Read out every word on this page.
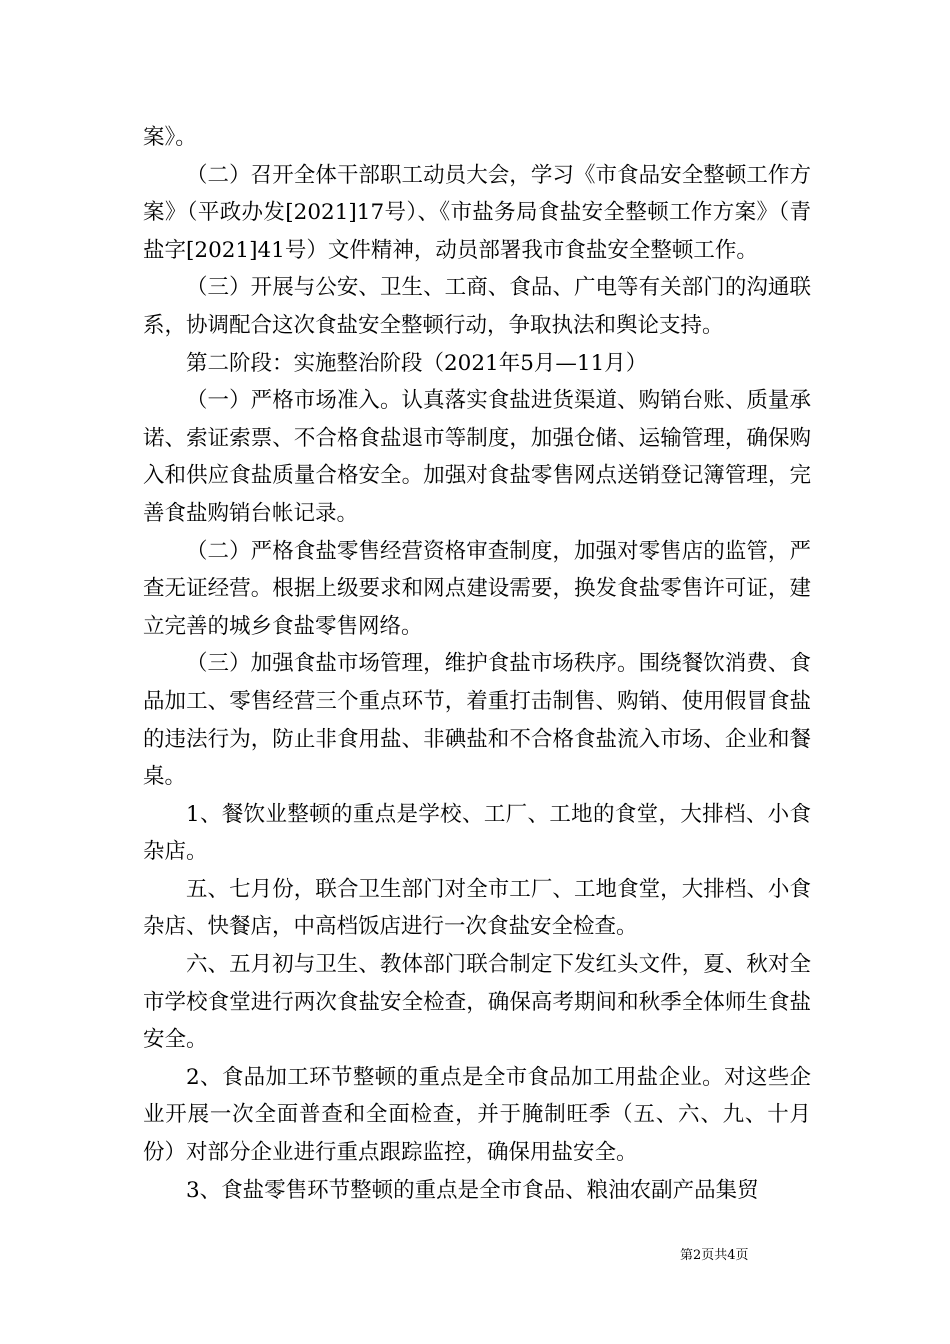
案》。

（二）召开全体干部职工动员大会，学习《市食品安全整顿工作方案》（平政办发[2021]17号）、《市盐务局食盐安全整顿工作方案》（青盐字[2021]41号）文件精神，动员部署我市食盐安全整顿工作。

（三）开展与公安、卫生、工商、食品、广电等有关部门的沟通联系，协调配合这次食盐安全整顿行动，争取执法和舆论支持。

第二阶段：实施整治阶段（2021年5月—11月）

（一）严格市场准入。认真落实食盐进货渠道、购销台账、质量承诺、索证索票、不合格食盐退市等制度，加强仓储、运输管理，确保购入和供应食盐质量合格安全。加强对食盐零售网点送销登记簿管理，完善食盐购销台帐记录。

（二）严格食盐零售经营资格审查制度，加强对零售店的监管，严查无证经营。根据上级要求和网点建设需要，换发食盐零售许可证，建立完善的城乡食盐零售网络。

（三）加强食盐市场管理，维护食盐市场秩序。围绕餐饮消费、食品加工、零售经营三个重点环节，着重打击制售、购销、使用假冒食盐的违法行为，防止非食用盐、非碘盐和不合格食盐流入市场、企业和餐桌。

1、餐饮业整顿的重点是学校、工厂、工地的食堂，大排档、小食杂店。

五、七月份，联合卫生部门对全市工厂、工地食堂，大排档、小食杂店、快餐店，中高档饭店进行一次食盐安全检查。

六、五月初与卫生、教体部门联合制定下发红头文件，夏、秋对全市学校食堂进行两次食盐安全检查，确保高考期间和秋季全体师生食盐安全。

2、食品加工环节整顿的重点是全市食品加工用盐企业。对这些企业开展一次全面普查和全面检查，并于腌制旺季（五、六、九、十月份）对部分企业进行重点跟踪监控，确保用盐安全。

3、食盐零售环节整顿的重点是全市食品、粮油农副产品集贸

第2页共4页
